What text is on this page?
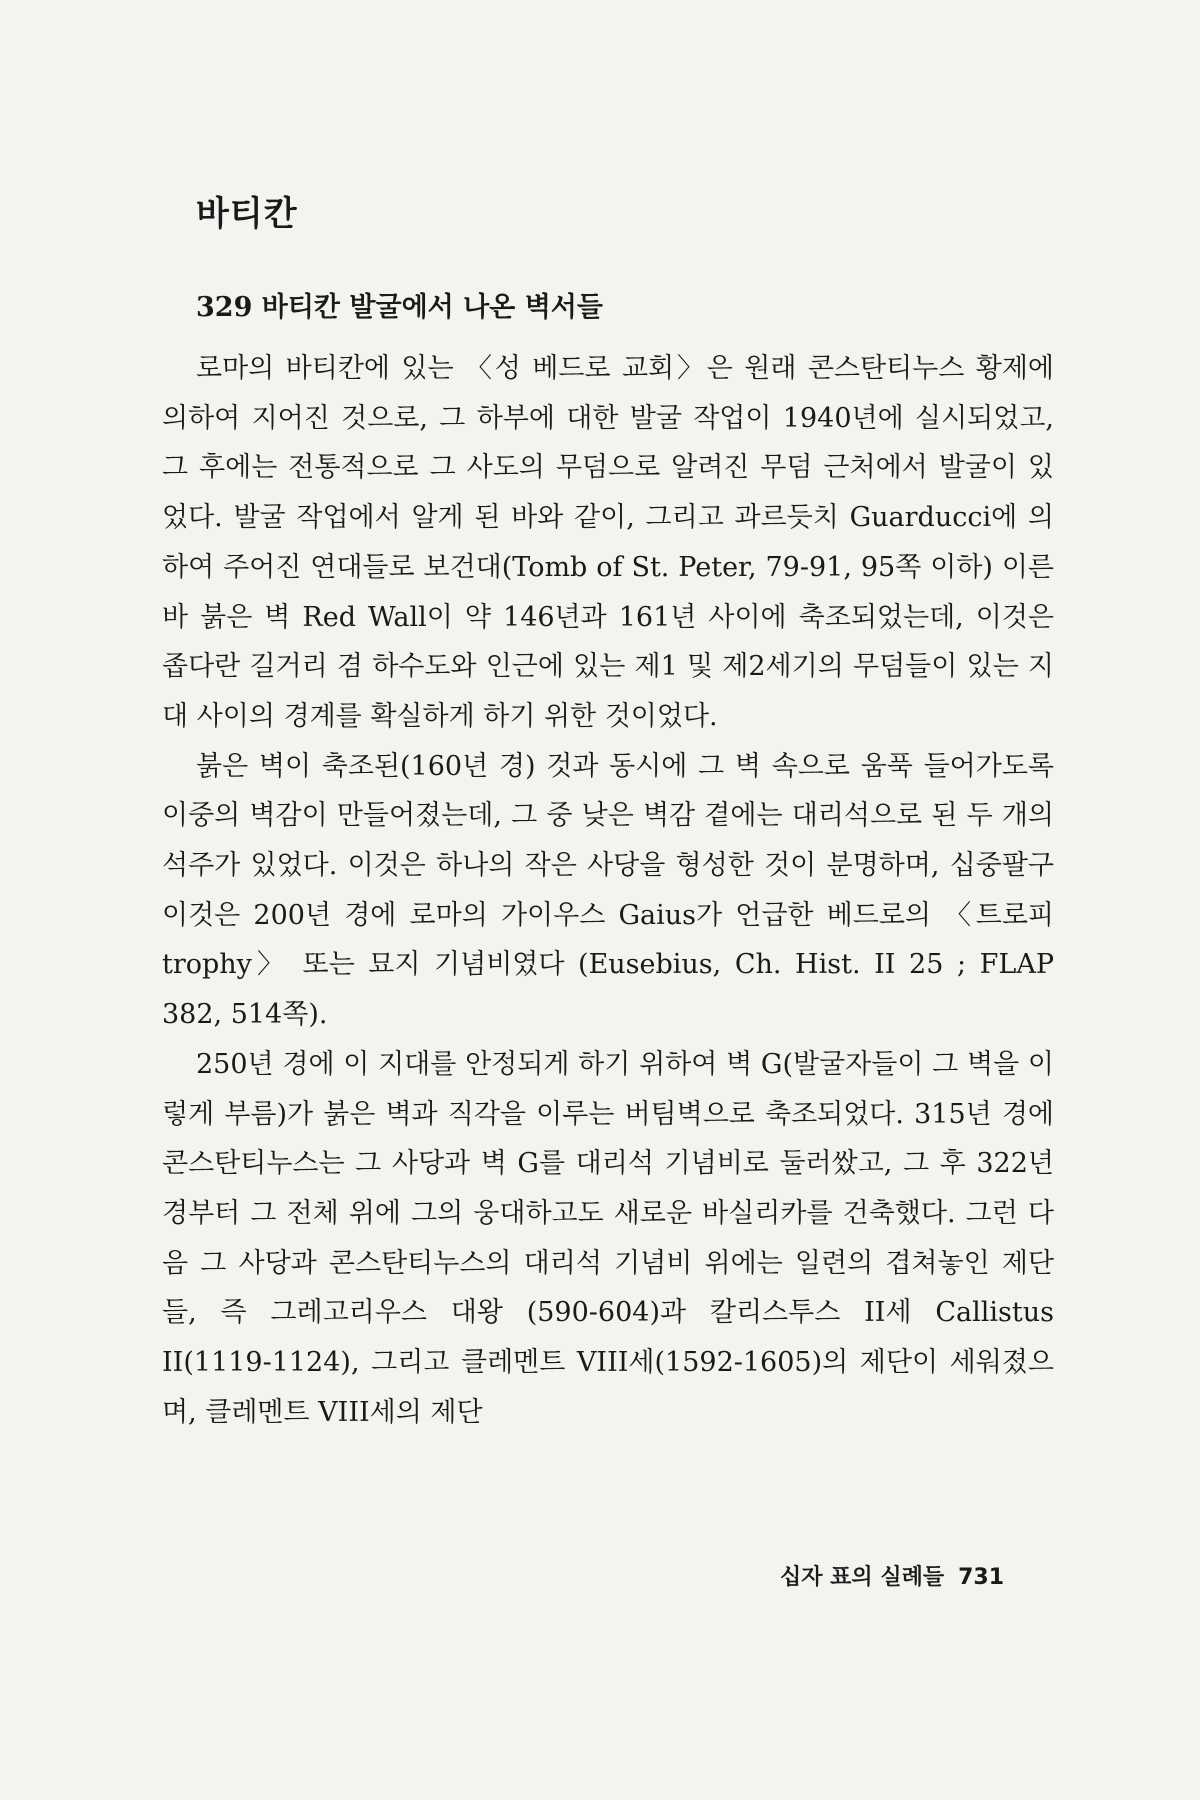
바티칸
329 바티칸 발굴에서 나온 벽서들

로마의 바티칸에 있는 〈성 베드로 교회〉은 원래 콘스탄티누스 황제에 의하여 지어진 것으로, 그 하부에 대한 발굴 작업이 1940년에 실시되었고, 그 후에는 전통적으로 그 사도의 무덤으로 알려진 무덤 근처에서 발굴이 있었다. 발굴 작업에서 알게 된 바와 같이, 그리고 과르듯치 Guarducci에 의하여 주어진 연대들로 보건대(Tomb of St. Peter, 79-91, 95쪽 이하) 이른바 붉은 벽 Red Wall이 약 146년과 161년 사이에 축조되었는데, 이것은 좁다란 길거리 겸 하수도와 인근에 있는 제1 및 제2세기의 무덤들이 있는 지대 사이의 경계를 확실하게 하기 위한 것이었다.

붉은 벽이 축조된(160년 경) 것과 동시에 그 벽 속으로 움푹 들어가도록 이중의 벽감이 만들어졌는데, 그 중 낮은 벽감 곁에는 대리석으로 된 두 개의 석주가 있었다. 이것은 하나의 작은 사당을 형성한 것이 분명하며, 십중팔구 이것은 200년 경에 로마의 가이우스 Gaius가 언급한 베드로의 〈트로피 trophy〉 또는 묘지 기념비였다 (Eusebius, Ch. Hist. II 25 ; FLAP 382, 514쪽).

250년 경에 이 지대를 안정되게 하기 위하여 벽 G(발굴자들이 그 벽을 이렇게 부름)가 붉은 벽과 직각을 이루는 버팀벽으로 축조되었다. 315년 경에 콘스탄티누스는 그 사당과 벽 G를 대리석 기념비로 둘러쌌고, 그 후 322년 경부터 그 전체 위에 그의 웅대하고도 새로운 바실리카를 건축했다. 그런 다음 그 사당과 콘스탄티누스의 대리석 기념비 위에는 일련의 겹쳐놓인 제단들, 즉 그레고리우스 대왕 (590-604)과 칼리스투스 II세 Callistus II(1119-1124), 그리고 클레멘트 VIII세(1592-1605)의 제단이 세워졌으며, 클레멘트 VIII세의 제단

십자 표의 실례들 731
